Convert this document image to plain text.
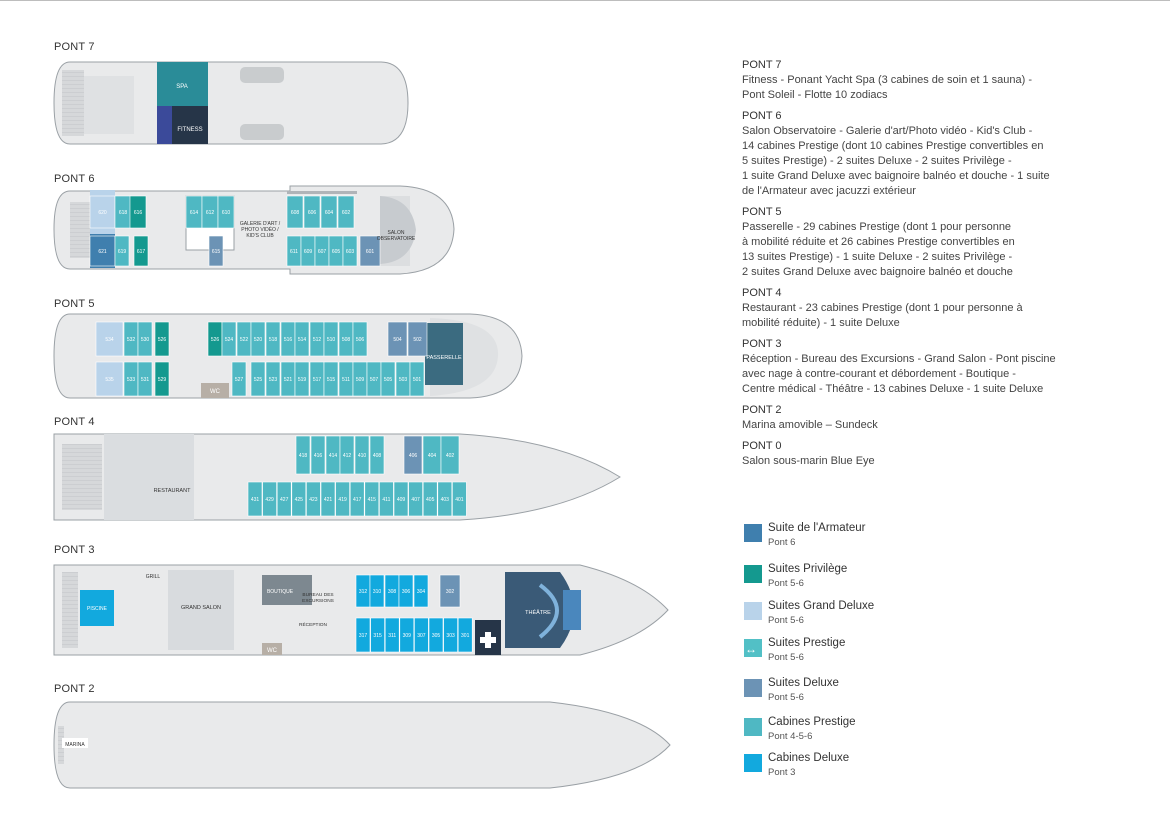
PONT 7
PONT 6
PONT 5
PONT 4
PONT 3
PONT 2
620 618 616	614 612 610	608 606 604 602
621 619 617	615	611 609 607 605 603 601
GALERIE D'ART /
PHOTO VIDÉO /
KID'S CLUB	SALON
OBSERVATOIRE
534	532 530 526	526 524 522 520 518 516 514 512 510 508 506	504 502
535	533 531 529	527 525 523 521 519 517 515 511 509 507 505 503 501
PASSERELLE
WC
418 416 414 412 410 408	406 404 402
431 429 427 425 423 421 419 417 415 411 409 407 405 403 401
RESTAURANT
312 310 308 306 304	302
317 315 311 309 307 305 303 301
GRILL
PISCINE	GRAND SALON
BOUTIQUE
BUREAU DES
EXCURSIONS
RÉCEPTION
WC
THÉÂTRE
MARINA
SPA
FITNESS
PONT 7
Fitness - Ponant Yacht Spa (3 cabines de soin et 1 sauna) -
Pont Soleil - Flotte 10 zodiacs
PONT 6
Salon Observatoire - Galerie d'art/Photo vidéo - Kid's Club -
14 cabines Prestige (dont 10 cabines Prestige convertibles en
5 suites Prestige) - 2 suites Deluxe - 2 suites Privilège -
1 suite Grand Deluxe avec baignoire balnéo et douche - 1 suite
de l'Armateur avec jacuzzi extérieur
PONT 5
Passerelle - 29 cabines Prestige (dont 1 pour personne
à mobilité réduite et 26 cabines Prestige convertibles en
13 suites Prestige) - 1 suite Deluxe - 2 suites Privilège -
2 suites Grand Deluxe avec baignoire balnéo et douche
PONT 4
Restaurant - 23 cabines Prestige (dont 1 pour personne à
mobilité réduite) - 1 suite Deluxe
PONT 3
Réception - Bureau des Excursions - Grand Salon - Pont piscine
avec nage à contre-courant et débordement - Boutique -
Centre médical - Théâtre - 13 cabines Deluxe - 1 suite Deluxe
PONT 2
Marina amovible – Sundeck
PONT 0
Salon sous-marin Blue Eye
Suite de l'Armateur
Pont 6
Suites Privilège
Pont 5-6
Suites Grand Deluxe
Pont 5-6
↔ Suites Prestige
Pont 5-6
Suites Deluxe
Pont 5-6
Cabines Prestige
Pont 4-5-6
Cabines Deluxe
Pont 3
